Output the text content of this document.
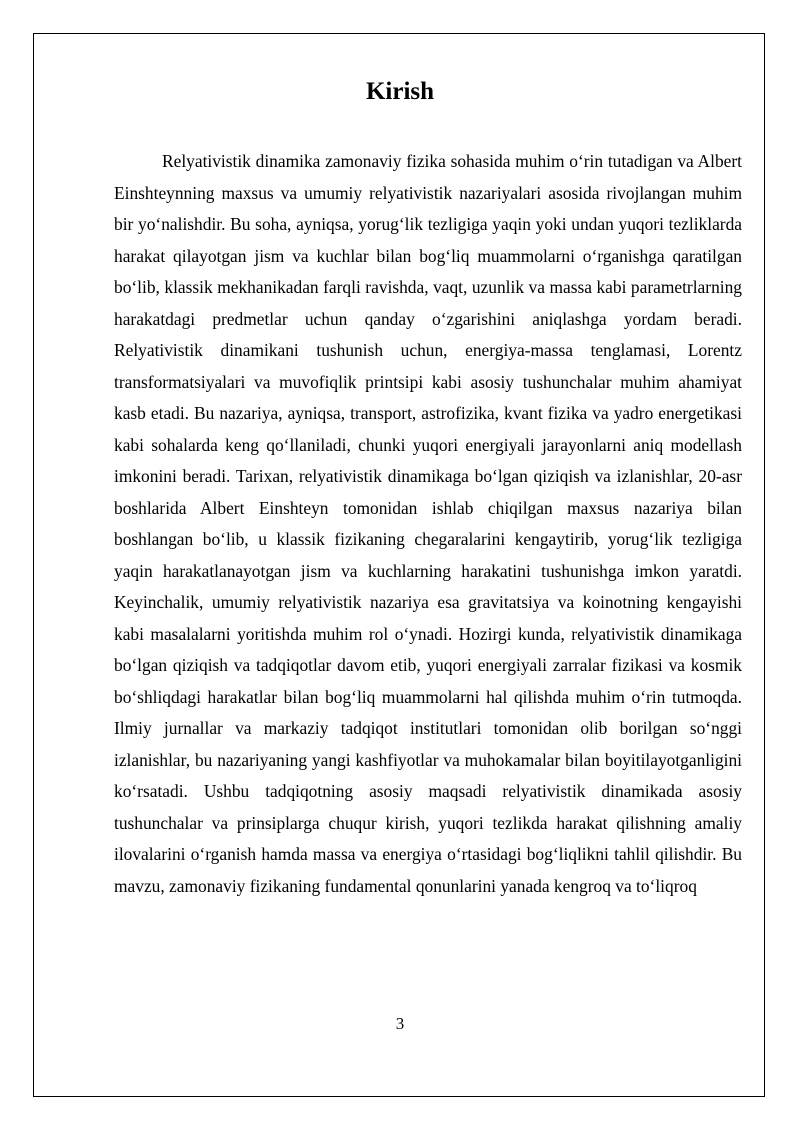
Kirish

Relyativistik dinamika zamonaviy fizika sohasida muhim o‘rin tutadigan va Albert Einshteynning maxsus va umumiy relyativistik nazariyalari asosida rivojlangan muhim bir yo‘nalishdir. Bu soha, ayniqsa, yorug‘lik tezligiga yaqin yoki undan yuqori tezliklarda harakat qilayotgan jism va kuchlar bilan bog‘liq muammolarni o‘rganishga qaratilgan bo‘lib, klassik mekhanikadan farqli ravishda, vaqt, uzunlik va massa kabi parametrlarning harakatdagi predmetlar uchun qanday o‘zgarishini aniqlashga yordam beradi. Relyativistik dinamikani tushunish uchun, energiya-massa tenglamasi, Lorentz transformatsiyalari va muvofiqlik printsipi kabi asosiy tushunchalar muhim ahamiyat kasb etadi. Bu nazariya, ayniqsa, transport, astrofizika, kvant fizika va yadro energetikasi kabi sohalarda keng qo‘llaniladi, chunki yuqori energiyali jarayonlarni aniq modellash imkonini beradi. Tarixan, relyativistik dinamikaga bo‘lgan qiziqish va izlanishlar, 20-asr boshlarida Albert Einshteyn tomonidan ishlab chiqilgan maxsus nazariya bilan boshlangan bo‘lib, u klassik fizikaning chegaralarini kengaytirib, yorug‘lik tezligiga yaqin harakatlanayotgan jism va kuchlarning harakatini tushunishga imkon yaratdi. Keyinchalik, umumiy relyativistik nazariya esa gravitatsiya va koinotning kengayishi kabi masalalarni yoritishda muhim rol o‘ynadi. Hozirgi kunda, relyativistik dinamikaga bo‘lgan qiziqish va tadqiqotlar davom etib, yuqori energiyali zarralar fizikasi va kosmik bo‘shliqdagi harakatlar bilan bog‘liq muammolarni hal qilishda muhim o‘rin tutmoqda. Ilmiy jurnallar va markaziy tadqiqot institutlari tomonidan olib borilgan so‘nggi izlanishlar, bu nazariyaning yangi kashfiyotlar va muhokamalar bilan boyitilayotganligini ko‘rsatadi. Ushbu tadqiqotning asosiy maqsadi relyativistik dinamikada asosiy tushunchalar va prinsiplarga chuqur kirish, yuqori tezlikda harakat qilishning amaliy ilovalarini o‘rganish hamda massa va energiya o‘rtasidagi bog‘liqlikni tahlil qilishdir. Bu mavzu, zamonaviy fizikaning fundamental qonunlarini yanada kengroq va to‘liqroq

3
